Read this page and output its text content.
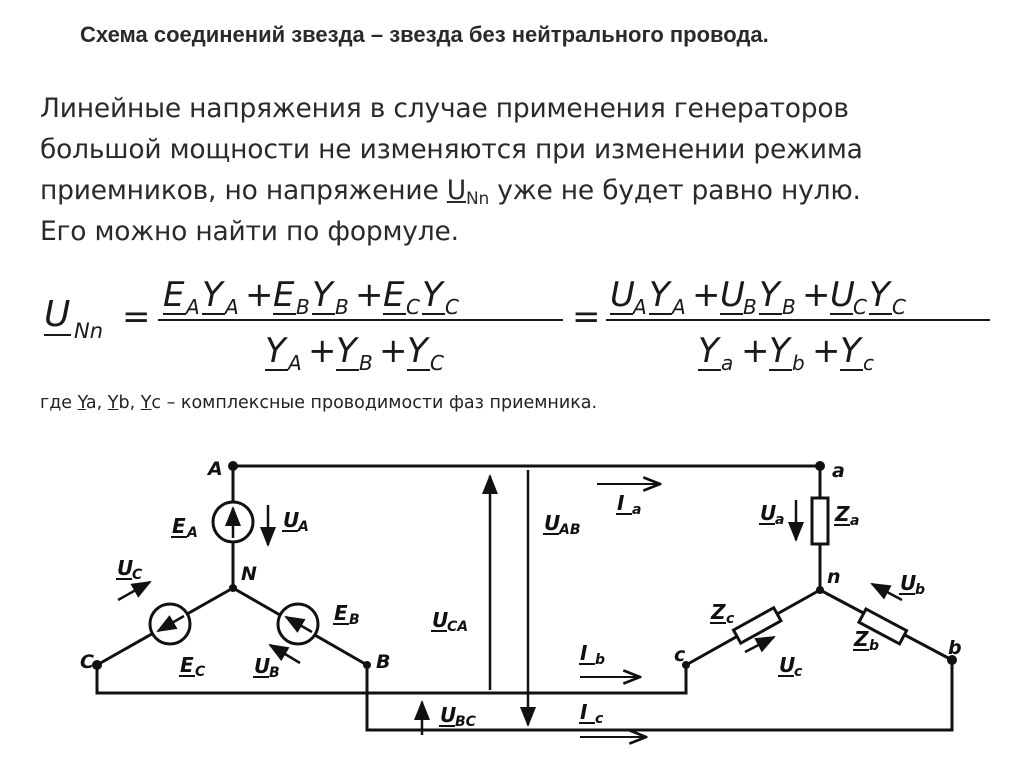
Схема соединений звезда – звезда без нейтрального провода.
Линейные напряжения в случае применения генераторов
большой мощности не изменяются при изменении режима
приемников, но напряжение $U_{Nn}$ уже не будет равно нулю.
Его можно найти по формуле.
U Nn =
E A Y A + E B Y B + E C Y C
Y A + Y B + Y C
=
U
A Y A + U
B Y B + U
C Y C
Y a + Y b + Y c
где Ya, Yb, Yc – комплексные проводимости фаз приемника.
A
N
C	B
a
n
c	b
E A
E B
E C
U
A
U
B
U
C
U
AB
U
CA
U
BC
I a
I b
I c
U
a
U
b
U
c
Z a
Z b
Z c
